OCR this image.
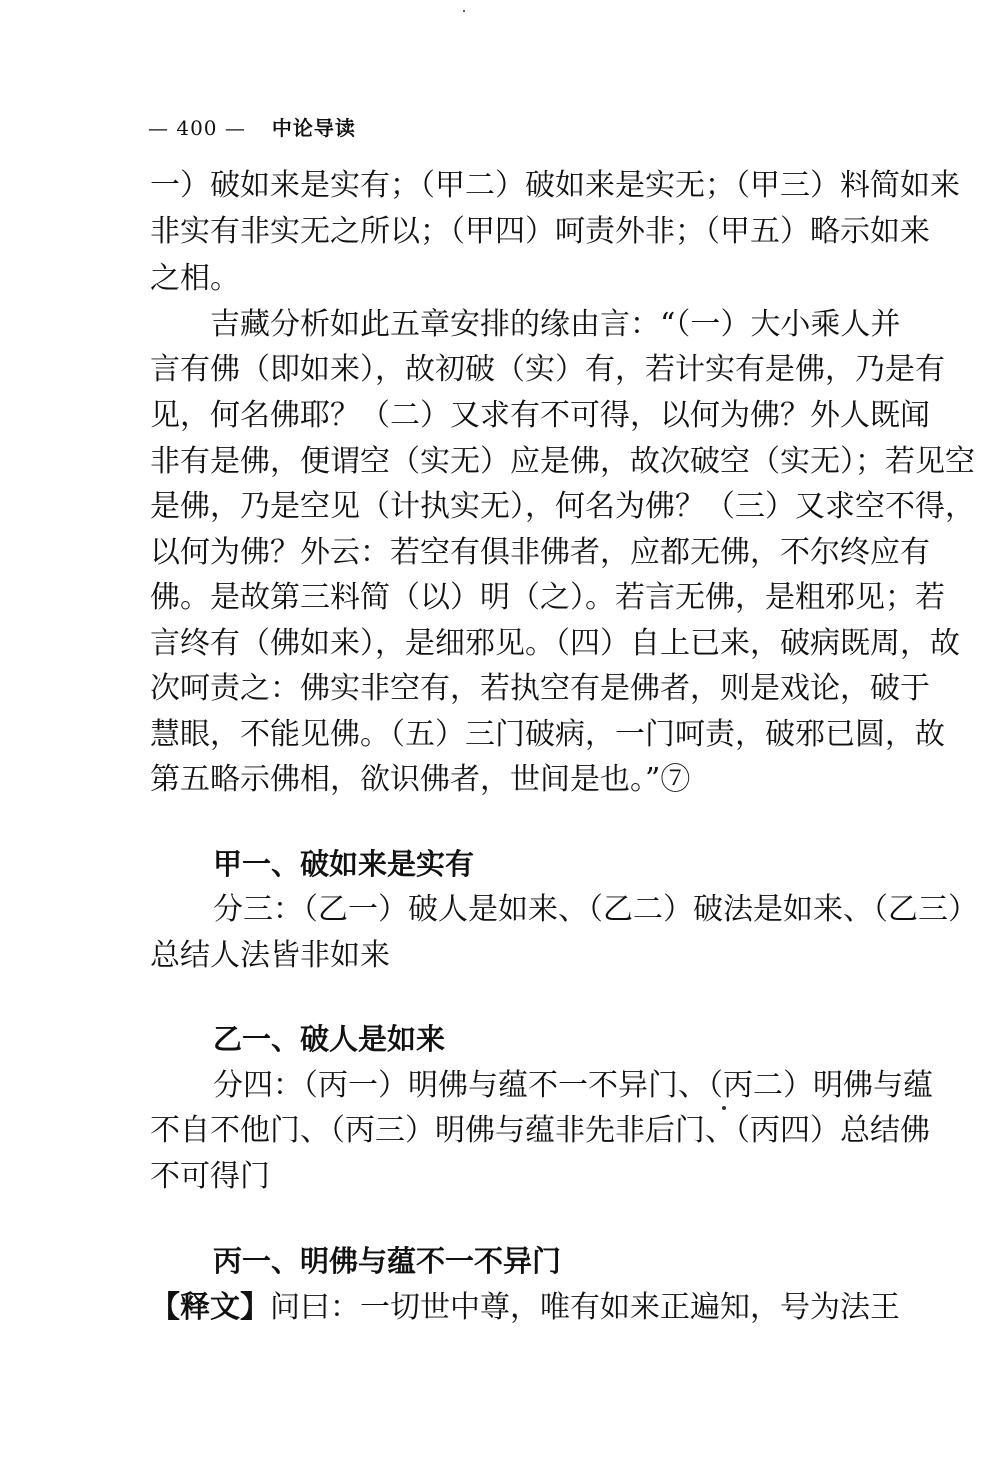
— 400 — 中论导读
一）破如来是实有；（甲二）破如来是实无；（甲三）料简如来
非实有非实无之所以；（甲四）呵责外非；（甲五）略示如来
之相。
吉藏分析如此五章安排的缘由言：“（一）大小乘人并
言有佛（即如来），故初破（实）有，若计实有是佛，乃是有
见，何名佛耶？（二）又求有不可得，以何为佛？外人既闻
非有是佛，便谓空（实无）应是佛，故次破空（实无）；若见空
是佛，乃是空见（计执实无），何名为佛？（三）又求空不得，
以何为佛？外云：若空有俱非佛者，应都无佛，不尔终应有
佛。是故第三料简（以）明（之）。若言无佛，是粗邪见；若
言终有（佛如来），是细邪见。（四）自上已来，破病既周，故
次呵责之：佛实非空有，若执空有是佛者，则是戏论，破于
慧眼，不能见佛。（五）三门破病，一门呵责，破邪已圆，故
第五略示佛相，欲识佛者，世间是也。”⑦
甲一、破如来是实有
分三：（乙一）破人是如来、（乙二）破法是如来、（乙三）
总结人法皆非如来
乙一、破人是如来
分四：（丙一）明佛与蕴不一不异门、（丙二）明佛与蕴
不自不他门、（丙三）明佛与蕴非先非后门、（丙四）总结佛
不可得门
丙一、明佛与蕴不一不异门
【释文】问曰：一切世中尊，唯有如来正遍知，号为法王
